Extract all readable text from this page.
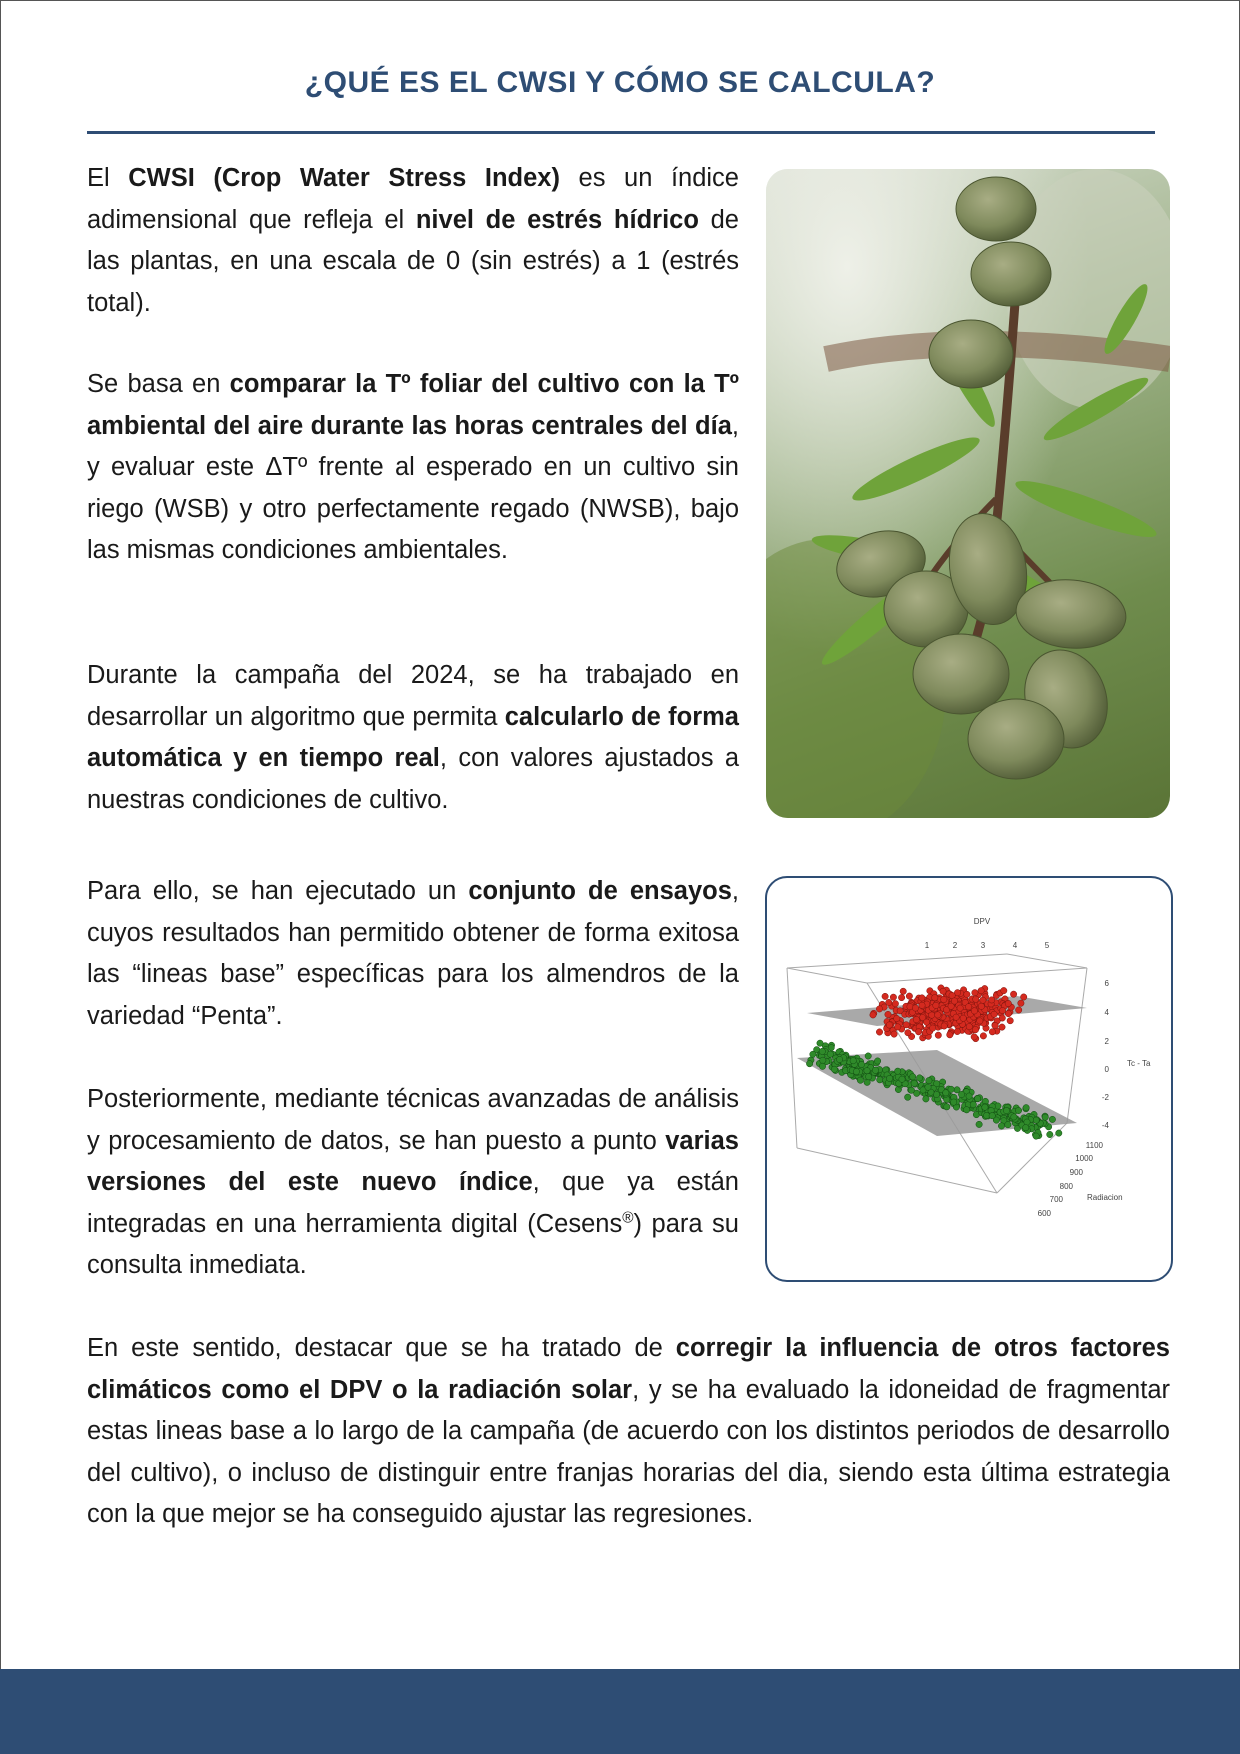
¿QUÉ ES EL CWSI Y CÓMO SE CALCULA?

El CWSI (Crop Water Stress Index) es un índice adimensional que refleja el nivel de estrés hídrico de las plantas, en una escala de 0 (sin estrés) a 1 (estrés total).

Se basa en comparar la Tº foliar del cultivo con la Tº ambiental del aire durante las horas centrales del día, y evaluar este ΔTº frente al esperado en un cultivo sin riego (WSB) y otro perfectamente regado (NWSB), bajo las mismas condiciones ambientales.

Durante la campaña del 2024, se ha trabajado en desarrollar un algoritmo que permita calcularlo de forma automática y en tiempo real, con valores ajustados a nuestras condiciones de cultivo.

Para ello, se han ejecutado un conjunto de ensayos, cuyos resultados han permitido obtener de forma exitosa las “lineas base” específicas para los almendros de la variedad “Penta”.

Posteriormente, mediante técnicas avanzadas de análisis y procesamiento de datos, se han puesto a punto varias versiones del este nuevo índice, que ya están integradas en una herramienta digital (Cesens®) para su consulta inmediata.

En este sentido, destacar que se ha tratado de corregir la influencia de otros factores climáticos como el DPV o la radiación solar, y se ha evaluado la idoneidad de fragmentar estas lineas base a lo largo de la campaña (de acuerdo con los distintos periodos de desarrollo del cultivo), o incluso de distinguir entre franjas horarias del dia, siendo esta última estrategia con la que mejor se ha conseguido ajustar las regresiones.

DPV
1	2	3	4	5
Tc - Ta
6
4
2
0
-2
-4
Radiacion
1100
1000
900
800
700
600
